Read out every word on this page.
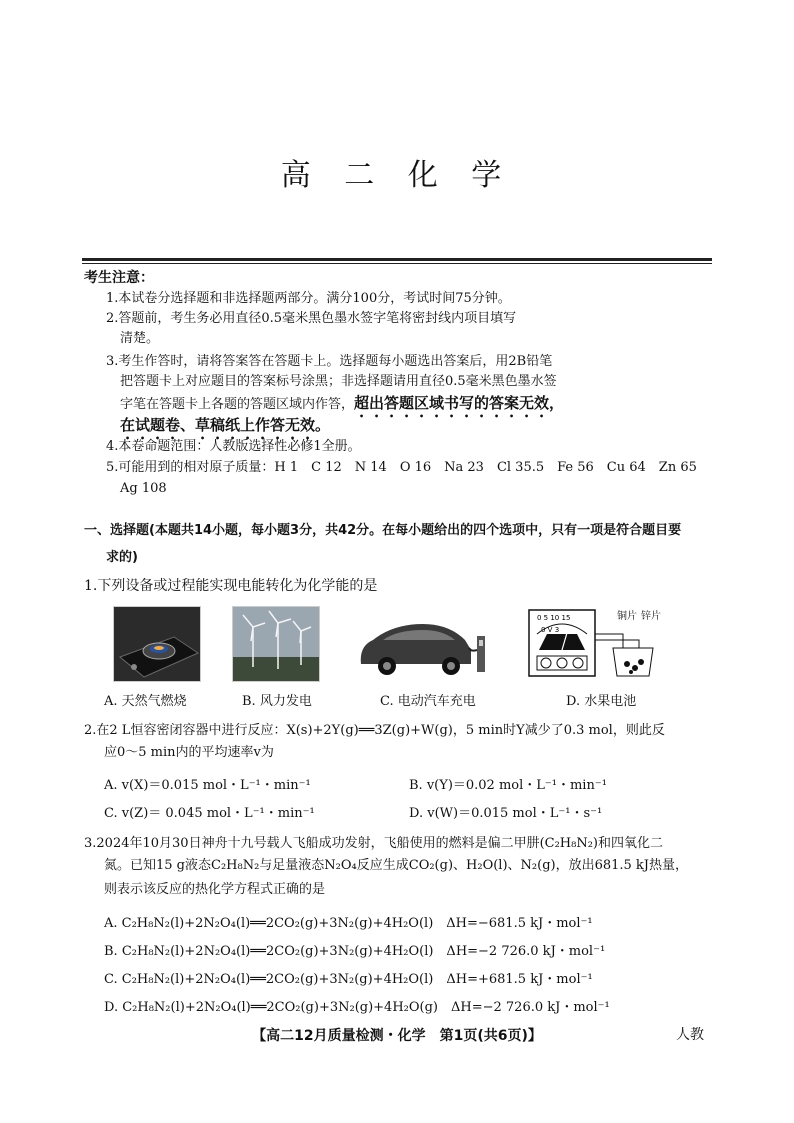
高 二 化 学
考生注意：
1.本试卷分选择题和非选择题两部分。满分100分，考试时间75分钟。
2.答题前，考生务必用直径0.5毫米黑色墨水签字笔将密封线内项目填写
清楚。
3.考生作答时，请将答案答在答题卡上。选择题每小题选出答案后，用2B铅笔
把答题卡上对应题目的答案标号涂黑；非选择题请用直径0.5毫米黑色墨水签
字笔在答题卡上各题的答题区域内作答，超出答题区域书写的答案无效，
在试题卷、草稿纸上作答无效。
4.本卷命题范围：人教版选择性必修1全册。
5.可能用到的相对原子质量：H 1　C 12　N 14　O 16　Na 23　Cl 35.5　Fe 56　Cu 64　Zn 65
Ag 108
一、选择题(本题共14小题，每小题3分，共42分。在每小题给出的四个选项中，只有一项是符合题目要
求的)
1.下列设备或过程能实现电能转化为化学能的是
0 5 10 15
0 V 3
铜片 锌片
A. 天然气燃烧	B. 风力发电	C. 电动汽车充电	D. 水果电池
2.在2 L恒容密闭容器中进行反应：X(s)+2Y(g)══3Z(g)+W(g)，5 min时Y减少了0.3 mol，则此反
应0～5 min内的平均速率v为
A. v(X)＝0.015 mol・L⁻¹・min⁻¹	B. v(Y)＝0.02 mol・L⁻¹・min⁻¹
C. v(Z)＝ 0.045 mol・L⁻¹・min⁻¹	D. v(W)＝0.015 mol・L⁻¹・s⁻¹
3.2024年10月30日神舟十九号载人飞船成功发射，飞船使用的燃料是偏二甲肼(C₂H₈N₂)和四氧化二
氮。已知15 g液态C₂H₈N₂与足量液态N₂O₄反应生成CO₂(g)、H₂O(l)、N₂(g)，放出681.5 kJ热量，
则表示该反应的热化学方程式正确的是
A. C₂H₈N₂(l)+2N₂O₄(l)══2CO₂(g)+3N₂(g)+4H₂O(l)　ΔH=−681.5 kJ・mol⁻¹
B. C₂H₈N₂(l)+2N₂O₄(l)══2CO₂(g)+3N₂(g)+4H₂O(l)　ΔH=−2 726.0 kJ・mol⁻¹
C. C₂H₈N₂(l)+2N₂O₄(l)══2CO₂(g)+3N₂(g)+4H₂O(l)　ΔH=+681.5 kJ・mol⁻¹
D. C₂H₈N₂(l)+2N₂O₄(l)══2CO₂(g)+3N₂(g)+4H₂O(g)　ΔH=−2 726.0 kJ・mol⁻¹
【高二12月质量检测・化学　第1页(共6页)】	人教
